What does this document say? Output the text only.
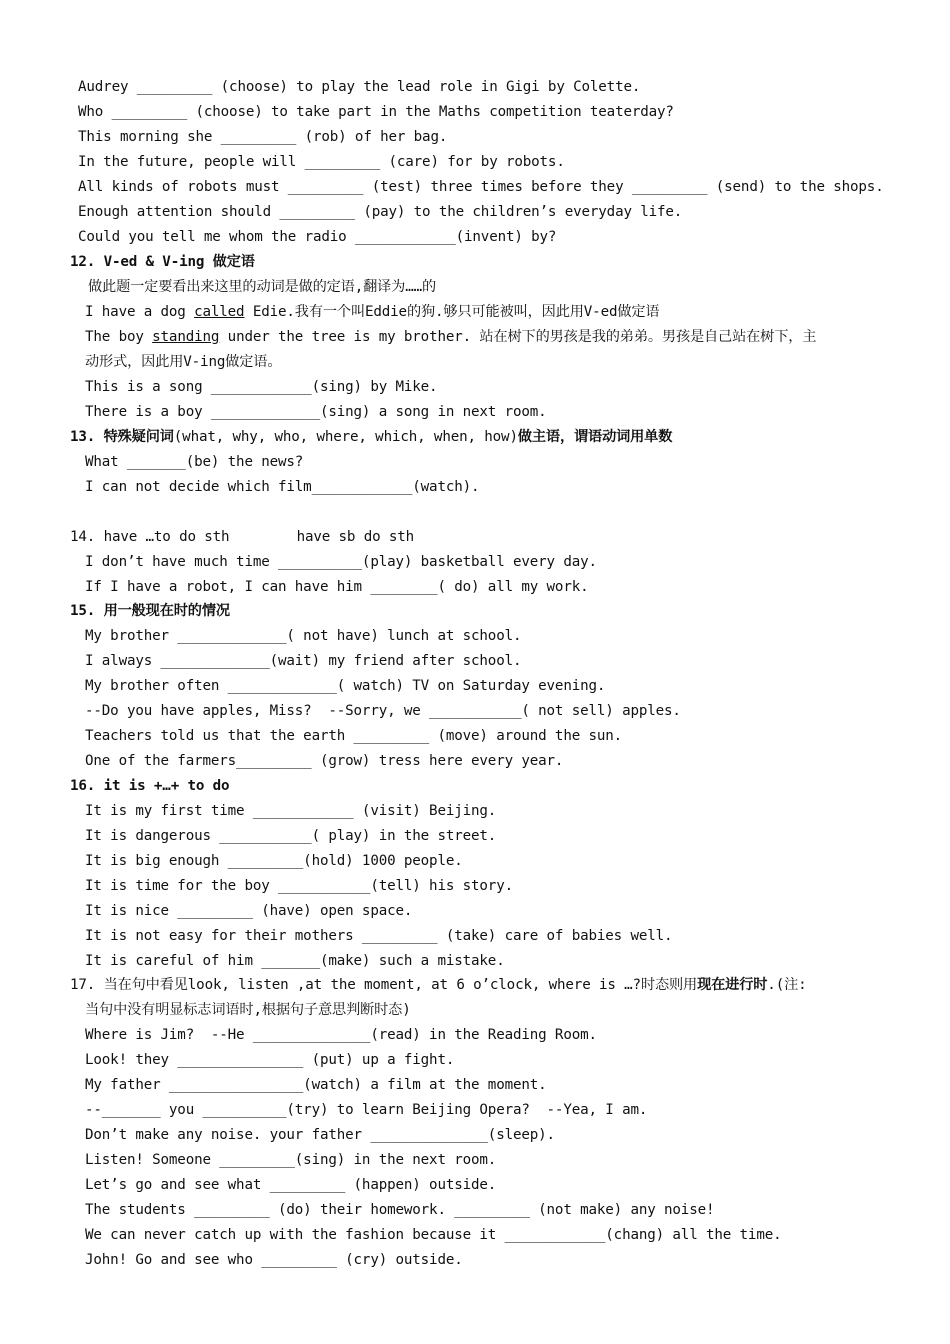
Audrey _________ (choose) to play the lead role in Gigi by Colette.
Who _________ (choose) to take part in the Maths competition teaterday?
This morning she _________ (rob) of her bag.
In the future, people will _________ (care) for by robots.
All kinds of robots must _________ (test) three times before they _________ (send) to the shops.
Enough attention should _________ (pay) to the children’s everyday life.
Could you tell me whom the radio ____________(invent) by?
12. V-ed & V-ing 做定语
做此题一定要看出来这里的动词是做的定语,翻译为……的
I have a dog called Edie.我有一个叫Eddie的狗.够只可能被叫，因此用V-ed做定语
The boy standing under the tree is my brother. 站在树下的男孩是我的弟弟。男孩是自己站在树下，主
动形式，因此用V-ing做定语。
This is a song ____________(sing) by Mike.
There is a boy _____________(sing) a song in next room.
13. 特殊疑问词(what, why, who, where, which, when, how)做主语，谓语动词用单数
What _______(be) the news?
I can not decide which film____________(watch).
14. have …to do sth        have sb do sth
I don’t have much time __________(play) basketball every day.
If I have a robot, I can have him ________( do) all my work.
15. 用一般现在时的情况
My brother _____________( not have) lunch at school.
I always _____________(wait) my friend after school.
My brother often _____________( watch) TV on Saturday evening.
--Do you have apples, Miss?  --Sorry, we ___________( not sell) apples.
Teachers told us that the earth _________ (move) around the sun.
One of the farmers_________ (grow) tress here every year.
16. it is +…+ to do
It is my first time ____________ (visit) Beijing.
It is dangerous ___________( play) in the street.
It is big enough _________(hold) 1000 people.
It is time for the boy ___________(tell) his story.
It is nice _________ (have) open space.
It is not easy for their mothers _________ (take) care of babies well.
It is careful of him _______(make) such a mistake.
17. 当在句中看见look, listen ,at the moment, at 6 o’clock, where is …?时态则用现在进行时.(注:
当句中没有明显标志词语时,根据句子意思判断时态)
Where is Jim?  --He ______________(read) in the Reading Room.
Look! they _______________ (put) up a fight.
My father ________________(watch) a film at the moment.
--_______ you __________(try) to learn Beijing Opera?  --Yea, I am.
Don’t make any noise. your father ______________(sleep).
Listen! Someone _________(sing) in the next room.
Let’s go and see what _________ (happen) outside.
The students _________ (do) their homework. _________ (not make) any noise!
We can never catch up with the fashion because it ____________(chang) all the time.
John! Go and see who _________ (cry) outside.
